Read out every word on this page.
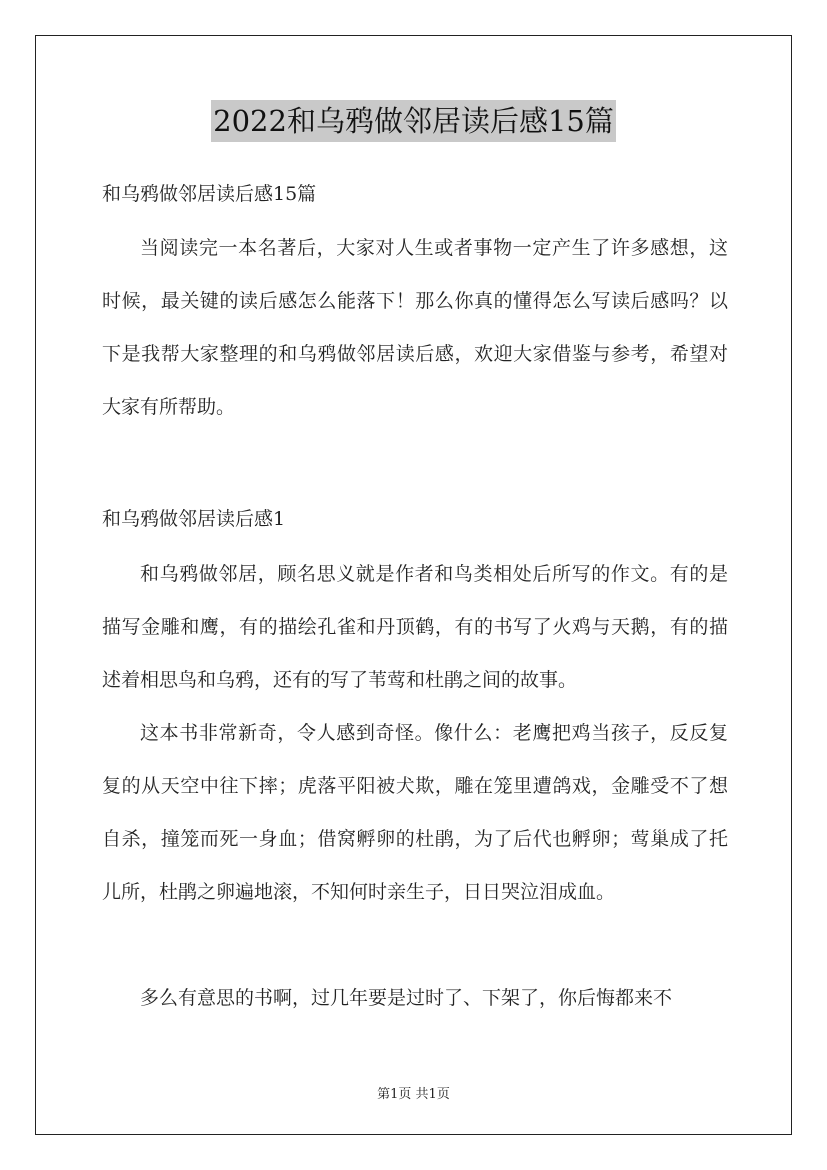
2022和乌鸦做邻居读后感15篇

和乌鸦做邻居读后感15篇

当阅读完一本名著后，大家对人生或者事物一定产生了许多感想，这时候，最关键的读后感怎么能落下！那么你真的懂得怎么写读后感吗？以下是我帮大家整理的和乌鸦做邻居读后感，欢迎大家借鉴与参考，希望对大家有所帮助。

和乌鸦做邻居读后感1

和乌鸦做邻居，顾名思义就是作者和鸟类相处后所写的作文。有的是描写金雕和鹰，有的描绘孔雀和丹顶鹤，有的书写了火鸡与天鹅，有的描述着相思鸟和乌鸦，还有的写了苇莺和杜鹃之间的故事。

这本书非常新奇，令人感到奇怪。像什么：老鹰把鸡当孩子，反反复复的从天空中往下摔；虎落平阳被犬欺，雕在笼里遭鸽戏，金雕受不了想自杀，撞笼而死一身血；借窝孵卵的杜鹃，为了后代也孵卵；莺巢成了托儿所，杜鹃之卵遍地滚，不知何时亲生子，日日哭泣泪成血。

多么有意思的书啊，过几年要是过时了、下架了，你后悔都来不

第1页 共1页
